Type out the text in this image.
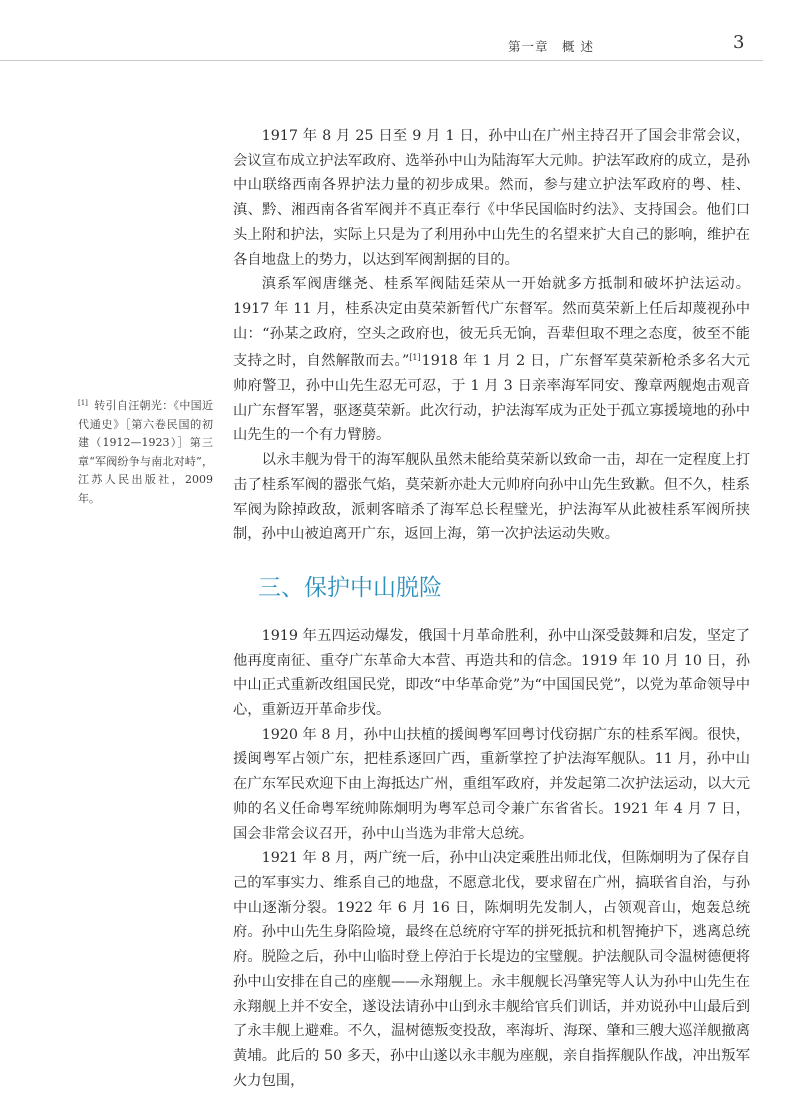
第一章　概 述	3
[1] 转引自汪朝光：《中国近代通史》［第六卷民国的初建（1912—1923）］第三章“军阀纷争与南北对峙”，江苏人民出版社，2009 年。

1917 年 8 月 25 日至 9 月 1 日，孙中山在广州主持召开了国会非常会议，会议宣布成立护法军政府、选举孙中山为陆海军大元帅。护法军政府的成立，是孙中山联络西南各界护法力量的初步成果。然而，参与建立护法军政府的粤、桂、滇、黔、湘西南各省军阀并不真正奉行《中华民国临时约法》、支持国会。他们口头上附和护法，实际上只是为了利用孙中山先生的名望来扩大自己的影响，维护在各自地盘上的势力，以达到军阀割据的目的。

滇系军阀唐继尧、桂系军阀陆廷荣从一开始就多方抵制和破坏护法运动。1917 年 11 月，桂系决定由莫荣新暂代广东督军。然而莫荣新上任后却蔑视孙中山：“孙某之政府，空头之政府也，彼无兵无饷，吾辈但取不理之态度，彼至不能支持之时，自然解散而去。”[1]1918 年 1 月 2 日，广东督军莫荣新枪杀多名大元帅府警卫，孙中山先生忍无可忍，于 1 月 3 日亲率海军同安、豫章两舰炮击观音山广东督军署，驱逐莫荣新。此次行动，护法海军成为正处于孤立寡援境地的孙中山先生的一个有力臂膀。

以永丰舰为骨干的海军舰队虽然未能给莫荣新以致命一击，却在一定程度上打击了桂系军阀的嚣张气焰，莫荣新亦赴大元帅府向孙中山先生致歉。但不久，桂系军阀为除掉政敌，派刺客暗杀了海军总长程璧光，护法海军从此被桂系军阀所挟制，孙中山被迫离开广东，返回上海，第一次护法运动失败。

三、保护中山脱险

1919 年五四运动爆发，俄国十月革命胜利，孙中山深受鼓舞和启发，坚定了他再度南征、重夺广东革命大本营、再造共和的信念。1919 年 10 月 10 日，孙中山正式重新改组国民党，即改“中华革命党”为“中国国民党”，以党为革命领导中心，重新迈开革命步伐。

1920 年 8 月，孙中山扶植的援闽粤军回粤讨伐窃据广东的桂系军阀。很快，援闽粤军占领广东，把桂系逐回广西，重新掌控了护法海军舰队。11 月，孙中山在广东军民欢迎下由上海抵达广州，重组军政府，并发起第二次护法运动，以大元帅的名义任命粤军统帅陈炯明为粤军总司令兼广东省省长。1921 年 4 月 7 日，国会非常会议召开，孙中山当选为非常大总统。

1921 年 8 月，两广统一后，孙中山决定乘胜出师北伐，但陈炯明为了保存自己的军事实力、维系自己的地盘，不愿意北伐，要求留在广州，搞联省自治，与孙中山逐渐分裂。1922 年 6 月 16 日，陈炯明先发制人，占领观音山，炮轰总统府。孙中山先生身陷险境，最终在总统府守军的拼死抵抗和机智掩护下，逃离总统府。脱险之后，孙中山临时登上停泊于长堤边的宝璧舰。护法舰队司令温树德便将孙中山安排在自己的座舰——永翔舰上。永丰舰舰长冯肇宪等人认为孙中山先生在永翔舰上并不安全，遂设法请孙中山到永丰舰给官兵们训话，并劝说孙中山最后到了永丰舰上避难。不久，温树德叛变投敌，率海圻、海琛、肇和三艘大巡洋舰撤离黄埔。此后的 50 多天，孙中山遂以永丰舰为座舰，亲自指挥舰队作战，冲出叛军火力包围，
